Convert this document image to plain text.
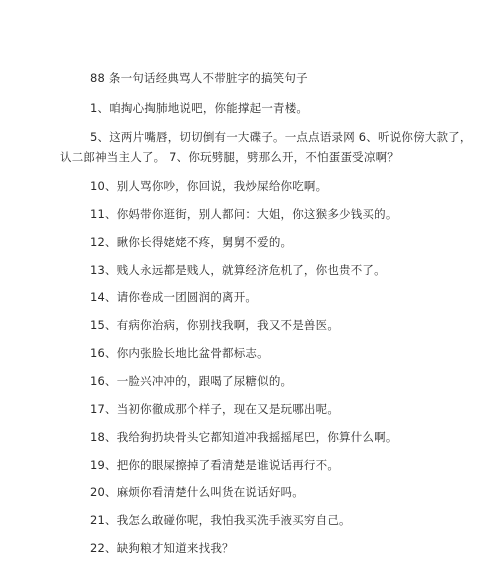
88 条一句话经典骂人不带脏字的搞笑句子
1、咱掏心掏肺地说吧，你能撑起一青楼。
5、这两片嘴唇，切切倒有一大碟子。一点点语录网 6、听说你傍大款了，
认二郎神当主人了。 7、你玩劈腿，劈那么开，不怕蛋蛋受凉啊？
10、别人骂你吵，你回说，我炒屎给你吃啊。
11、你妈带你逛街，别人都问：大姐，你这猴多少钱买的。
12、瞅你长得姥姥不疼，舅舅不爱的。
13、贱人永远都是贱人，就算经济危机了，你也贵不了。
14、请你卷成一团圆润的离开。
15、有病你治病，你别找我啊，我又不是兽医。
16、你内张脸长地比盆骨都标志。
16、一脸兴冲冲的，跟喝了尿糖似的。
17、当初你徹成那个样子，现在又是玩哪出呢。
18、我给狗扔块骨头它都知道冲我摇摇尾巴，你算什么啊。
19、把你的眼屎擦掉了看清楚是谁说话再行不。
20、麻烦你看清楚什么叫货在说话好吗。
21、我怎么敢碰你呢，我怕我买洗手液买穷自己。
22、缺狗粮才知道来找我？
